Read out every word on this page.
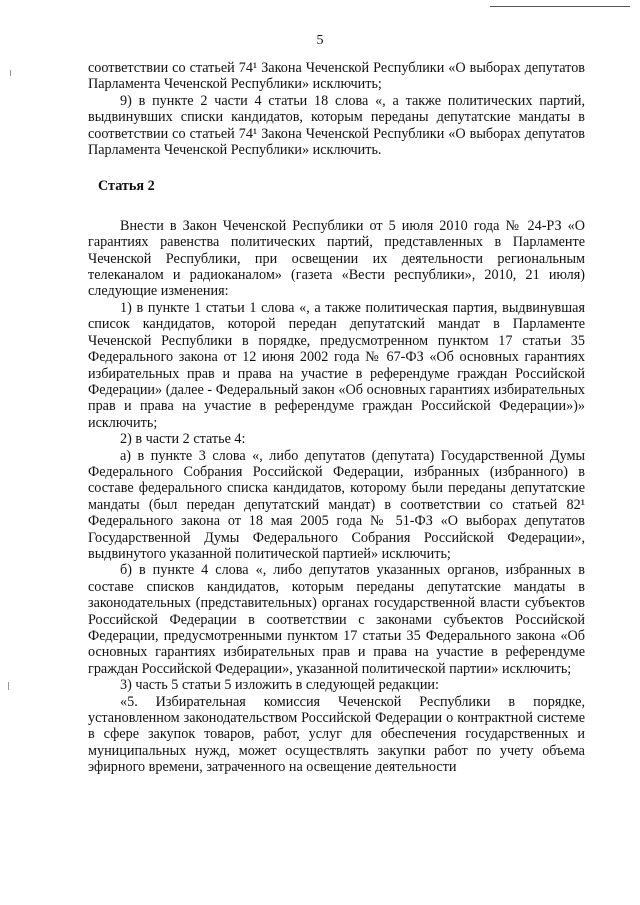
5

соответствии со статьей 74¹ Закона Чеченской Республики «О выборах депутатов Парламента Чеченской Республики» исключить;

9) в пункте 2 части 4 статьи 18 слова «, а также политических партий, выдвинувших списки кандидатов, которым переданы депутатские мандаты в соответствии со статьей 74¹ Закона Чеченской Республики «О выборах депутатов Парламента Чеченской Республики» исключить.

Статья 2

Внести в Закон Чеченской Республики от 5 июля 2010 года № 24-РЗ «О гарантиях равенства политических партий, представленных в Парламенте Чеченской Республики, при освещении их деятельности региональным телеканалом и радиоканалом» (газета «Вести республики», 2010, 21 июля) следующие изменения:

1) в пункте 1 статьи 1 слова «, а также политическая партия, выдвинувшая список кандидатов, которой передан депутатский мандат в Парламенте Чеченской Республики в порядке, предусмотренном пунктом 17 статьи 35 Федерального закона от 12 июня 2002 года № 67-ФЗ «Об основных гарантиях избирательных прав и права на участие в референдуме граждан Российской Федерации» (далее - Федеральный закон «Об основных гарантиях избирательных прав и права на участие в референдуме граждан Российской Федерации»)» исключить;

2) в части 2 статье 4:

а) в пункте 3 слова «, либо депутатов (депутата) Государственной Думы Федерального Собрания Российской Федерации, избранных (избранного) в составе федерального списка кандидатов, которому были переданы депутатские мандаты (был передан депутатский мандат) в соответствии со статьей 82¹ Федерального закона от 18 мая 2005 года № 51-ФЗ «О выборах депутатов Государственной Думы Федерального Собрания Российской Федерации», выдвинутого указанной политической партией» исключить;

б) в пункте 4 слова «, либо депутатов указанных органов, избранных в составе списков кандидатов, которым переданы депутатские мандаты в законодательных (представительных) органах государственной власти субъектов Российской Федерации в соответствии с законами субъектов Российской Федерации, предусмотренными пунктом 17 статьи 35 Федерального закона «Об основных гарантиях избирательных прав и права на участие в референдуме граждан Российской Федерации», указанной политической партии» исключить;

3) часть 5 статьи 5 изложить в следующей редакции:

«5. Избирательная комиссия Чеченской Республики в порядке, установленном законодательством Российской Федерации о контрактной системе в сфере закупок товаров, работ, услуг для обеспечения государственных и муниципальных нужд, может осуществлять закупки работ по учету объема эфирного времени, затраченного на освещение деятельности
